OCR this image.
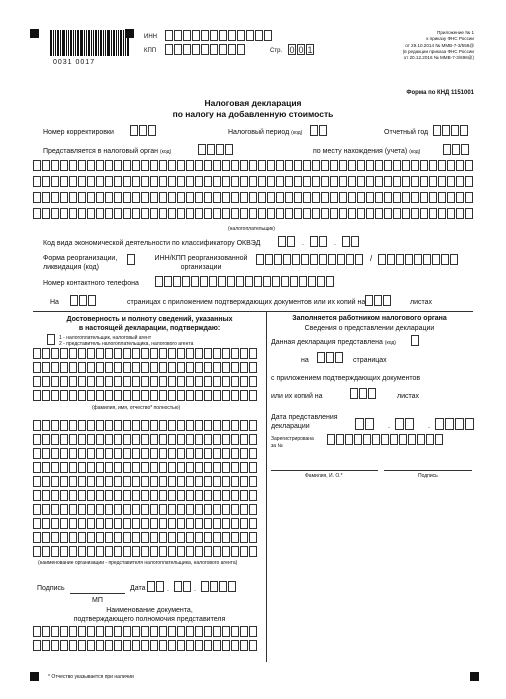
0031 0017
ИНН
КПП	Стр. 0 0 1
Приложение № 1
к приказу ФНС России
от 29.10.2014 № ММВ-7-3/558@
(в редакции приказа ФНС России
от 20.12.2016 № ММВ-7-3/696@)
Форма по КНД 1151001
Налоговая декларация
по налогу на добавленную стоимость
Номер корректировки	Налоговый период (код)	Отчетный год
Представляется в налоговый орган (код)	по месту нахождения (учета) (код)
(налогоплательщик)
Код вида экономической деятельности по классификатору ОКВЭД	.	.
Форма реорганизации,
ликвидация (код)
ИНН/КПП реорганизованной
организации
/
Номер контактного телефона
На	страницах с приложением подтверждающих документов или их копий на	листах
Достоверность и полноту сведений, указанных
в настоящей декларации, подтверждаю:
1 - налогоплательщик, налоговый агент
2 - представитель налогоплательщика, налогового агента
(фамилия, имя, отчество* полностью)
(наименование организации - представителя налогоплательщика, налогового агента)
Подпись	Дата	.	.
МП
Наименование документа,
подтверждающего полномочия представителя
Заполняется работником налогового органа
Сведения о представлении декларации
Данная декларация представлена (код)
на	страницах
с приложением подтверждающих документов
или их копий на	листах
Дата представления
декларации	.	.
Зарегистрирована
за №
Фамилия, И. О.*	Подпись
* Отчество указывается при наличии
